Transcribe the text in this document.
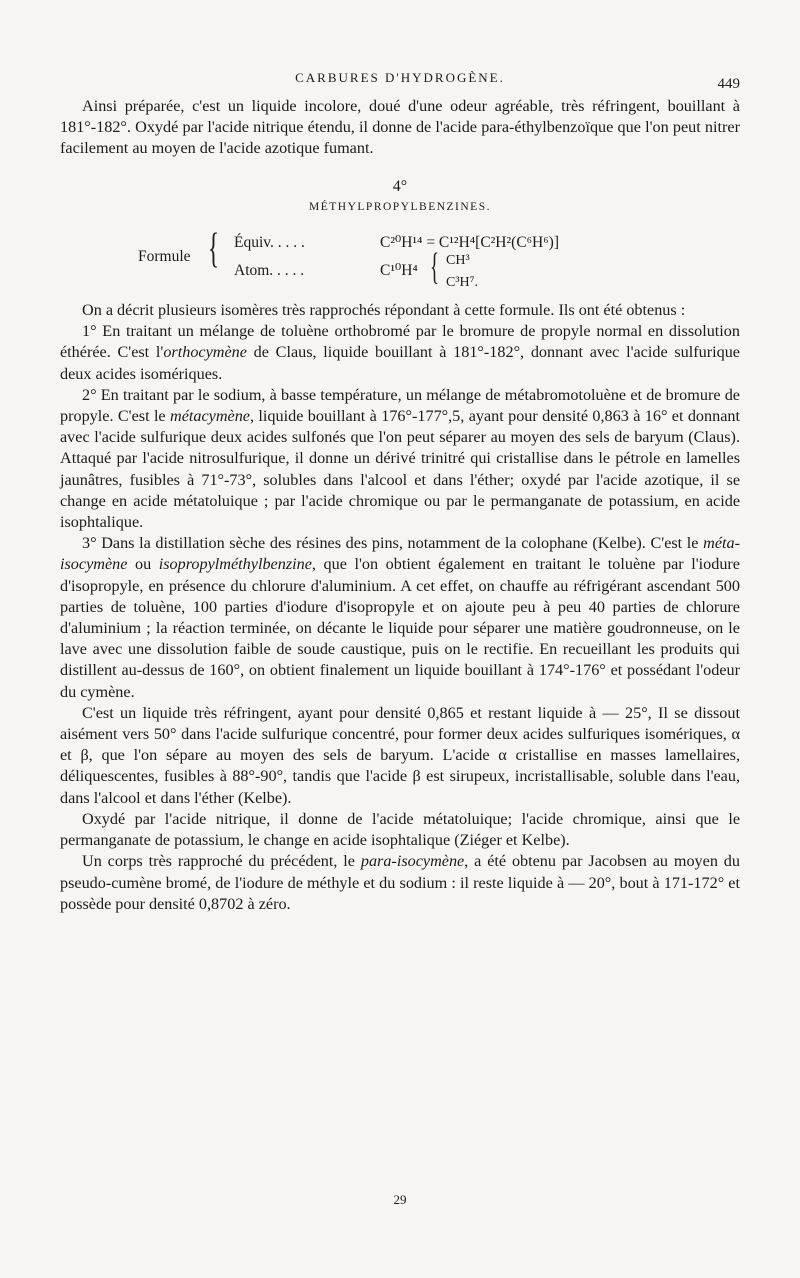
CARBURES D'HYDROGÈNE.	449

Ainsi préparée, c'est un liquide incolore, doué d'une odeur agréable, très réfringent, bouillant à 181°-182°. Oxydé par l'acide nitrique étendu, il donne de l'acide para-éthylbenzoïque que l'on peut nitrer facilement au moyen de l'acide azotique fumant.

4°
MÉTHYLPROPYLBENZINES.
Formule { Équiv. . . . .
Atom. . . . .
C²⁰H¹⁴ = C¹²H⁴[C²H²(C⁶H⁶)]
C¹⁰H⁴ { CH³
C³H⁷.

On a décrit plusieurs isomères très rapprochés répondant à cette formule. Ils ont été obtenus :

1° En traitant un mélange de toluène orthobromé par le bromure de propyle normal en dissolution éthérée. C'est l'orthocymène de Claus, liquide bouillant à 181°-182°, donnant avec l'acide sulfurique deux acides isomériques.

2° En traitant par le sodium, à basse température, un mélange de métabromotoluène et de bromure de propyle. C'est le métacymène, liquide bouillant à 176°-177°,5, ayant pour densité 0,863 à 16° et donnant avec l'acide sulfurique deux acides sulfonés que l'on peut séparer au moyen des sels de baryum (Claus). Attaqué par l'acide nitrosulfurique, il donne un dérivé trinitré qui cristallise dans le pétrole en lamelles jaunâtres, fusibles à 71°-73°, solubles dans l'alcool et dans l'éther; oxydé par l'acide azotique, il se change en acide métatoluique ; par l'acide chromique ou par le permanganate de potassium, en acide isophtalique.

3° Dans la distillation sèche des résines des pins, notamment de la colophane (Kelbe). C'est le méta-isocymène ou isopropylméthylbenzine, que l'on obtient également en traitant le toluène par l'iodure d'isopropyle, en présence du chlorure d'aluminium. A cet effet, on chauffe au réfrigérant ascendant 500 parties de toluène, 100 parties d'iodure d'isopropyle et on ajoute peu à peu 40 parties de chlorure d'aluminium ; la réaction terminée, on décante le liquide pour séparer une matière goudronneuse, on le lave avec une dissolution faible de soude caustique, puis on le rectifie. En recueillant les produits qui distillent au-dessus de 160°, on obtient finalement un liquide bouillant à 174°-176° et possédant l'odeur du cymène.

C'est un liquide très réfringent, ayant pour densité 0,865 et restant liquide à — 25°, Il se dissout aisément vers 50° dans l'acide sulfurique concentré, pour former deux acides sulfuriques isomériques, α et β, que l'on sépare au moyen des sels de baryum. L'acide α cristallise en masses lamellaires, déliquescentes, fusibles à 88°-90°, tandis que l'acide β est sirupeux, incristallisable, soluble dans l'eau, dans l'alcool et dans l'éther (Kelbe).

Oxydé par l'acide nitrique, il donne de l'acide métatoluique; l'acide chromique, ainsi que le permanganate de potassium, le change en acide isophtalique (Ziéger et Kelbe).

Un corps très rapproché du précédent, le para-isocymène, a été obtenu par Jacobsen au moyen du pseudo-cumène bromé, de l'iodure de méthyle et du sodium : il reste liquide à — 20°, bout à 171-172° et possède pour densité 0,8702 à zéro.

29
